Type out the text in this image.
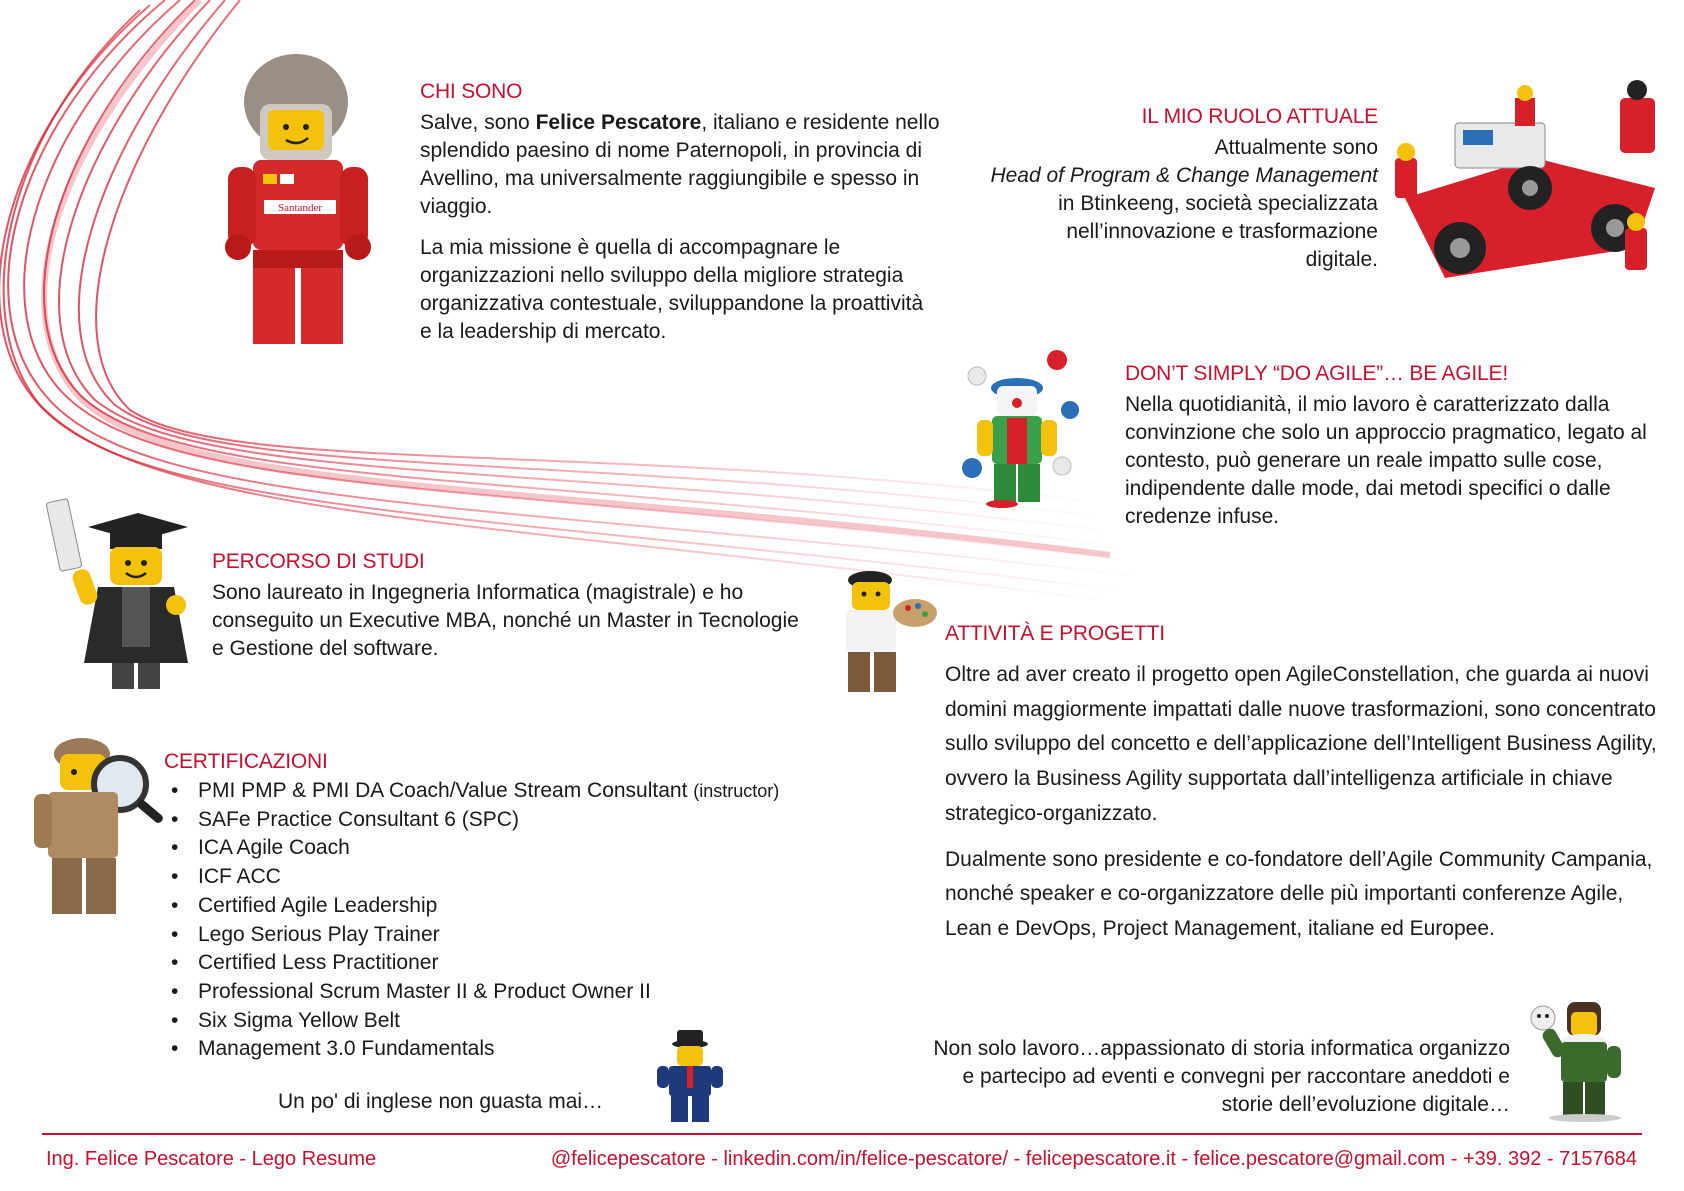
Santander
CHI SONO

Salve, sono Felice Pescatore, italiano e residente nello splendido paesino di nome Paternopoli, in provincia di Avellino, ma universalmente raggiungibile e spesso in viaggio.

La mia missione è quella di accompagnare le organizzazioni nello sviluppo della migliore strategia organizzativa contestuale, sviluppandone la proattività e la leadership di mercato.

IL MIO RUOLO ATTUALE
Attualmente sono
Head of Program & Change Management
in Btinkeeng, società specializzata
nell’innovazione e trasformazione
digitale.
DON’T SIMPLY “DO AGILE”… BE AGILE!

Nella quotidianità, il mio lavoro è caratterizzato dalla convinzione che solo un approccio pragmatico, legato al contesto, può generare un reale impatto sulle cose, indipendente dalle mode, dai metodi specifici o dalle credenze infuse.

PERCORSO DI STUDI

Sono laureato in Ingegneria Informatica (magistrale) e ho conseguito un Executive MBA, nonché un Master in Tecnologie e Gestione del software.

ATTIVITÀ E PROGETTI

Oltre ad aver creato il progetto open AgileConstellation, che guarda ai nuovi domini maggiormente impattati dalle nuove trasformazioni, sono concentrato sullo sviluppo del concetto e dell’applicazione dell’Intelligent Business Agility, ovvero la Business Agility supportata dall’intelligenza artificiale in chiave strategico-organizzato.

Dualmente sono presidente e co-fondatore dell’Agile Community Campania, nonché speaker e co-organizzatore delle più importanti conferenze Agile, Lean e DevOps, Project Management, italiane ed Europee.

CERTIFICAZIONI
• PMI PMP & PMI DA Coach/Value Stream Consultant (instructor)
• SAFe Practice Consultant 6 (SPC)
• ICA Agile Coach
• ICF ACC
• Certified Agile Leadership
• Lego Serious Play Trainer
• Certified Less Practitioner
• Professional Scrum Master II & Product Owner II
• Six Sigma Yellow Belt
• Management 3.0 Fundamentals
Un po' di inglese non guasta mai…
Non solo lavoro…appassionato di storia informatica organizzo
e partecipo ad eventi e convegni per raccontare aneddoti e
storie dell’evoluzione digitale…
Ing. Felice Pescatore - Lego Resume	@felicepescatore - linkedin.com/in/felice-pescatore/ - felicepescatore.it - felice.pescatore@gmail.com - +39. 392 - 7157684
